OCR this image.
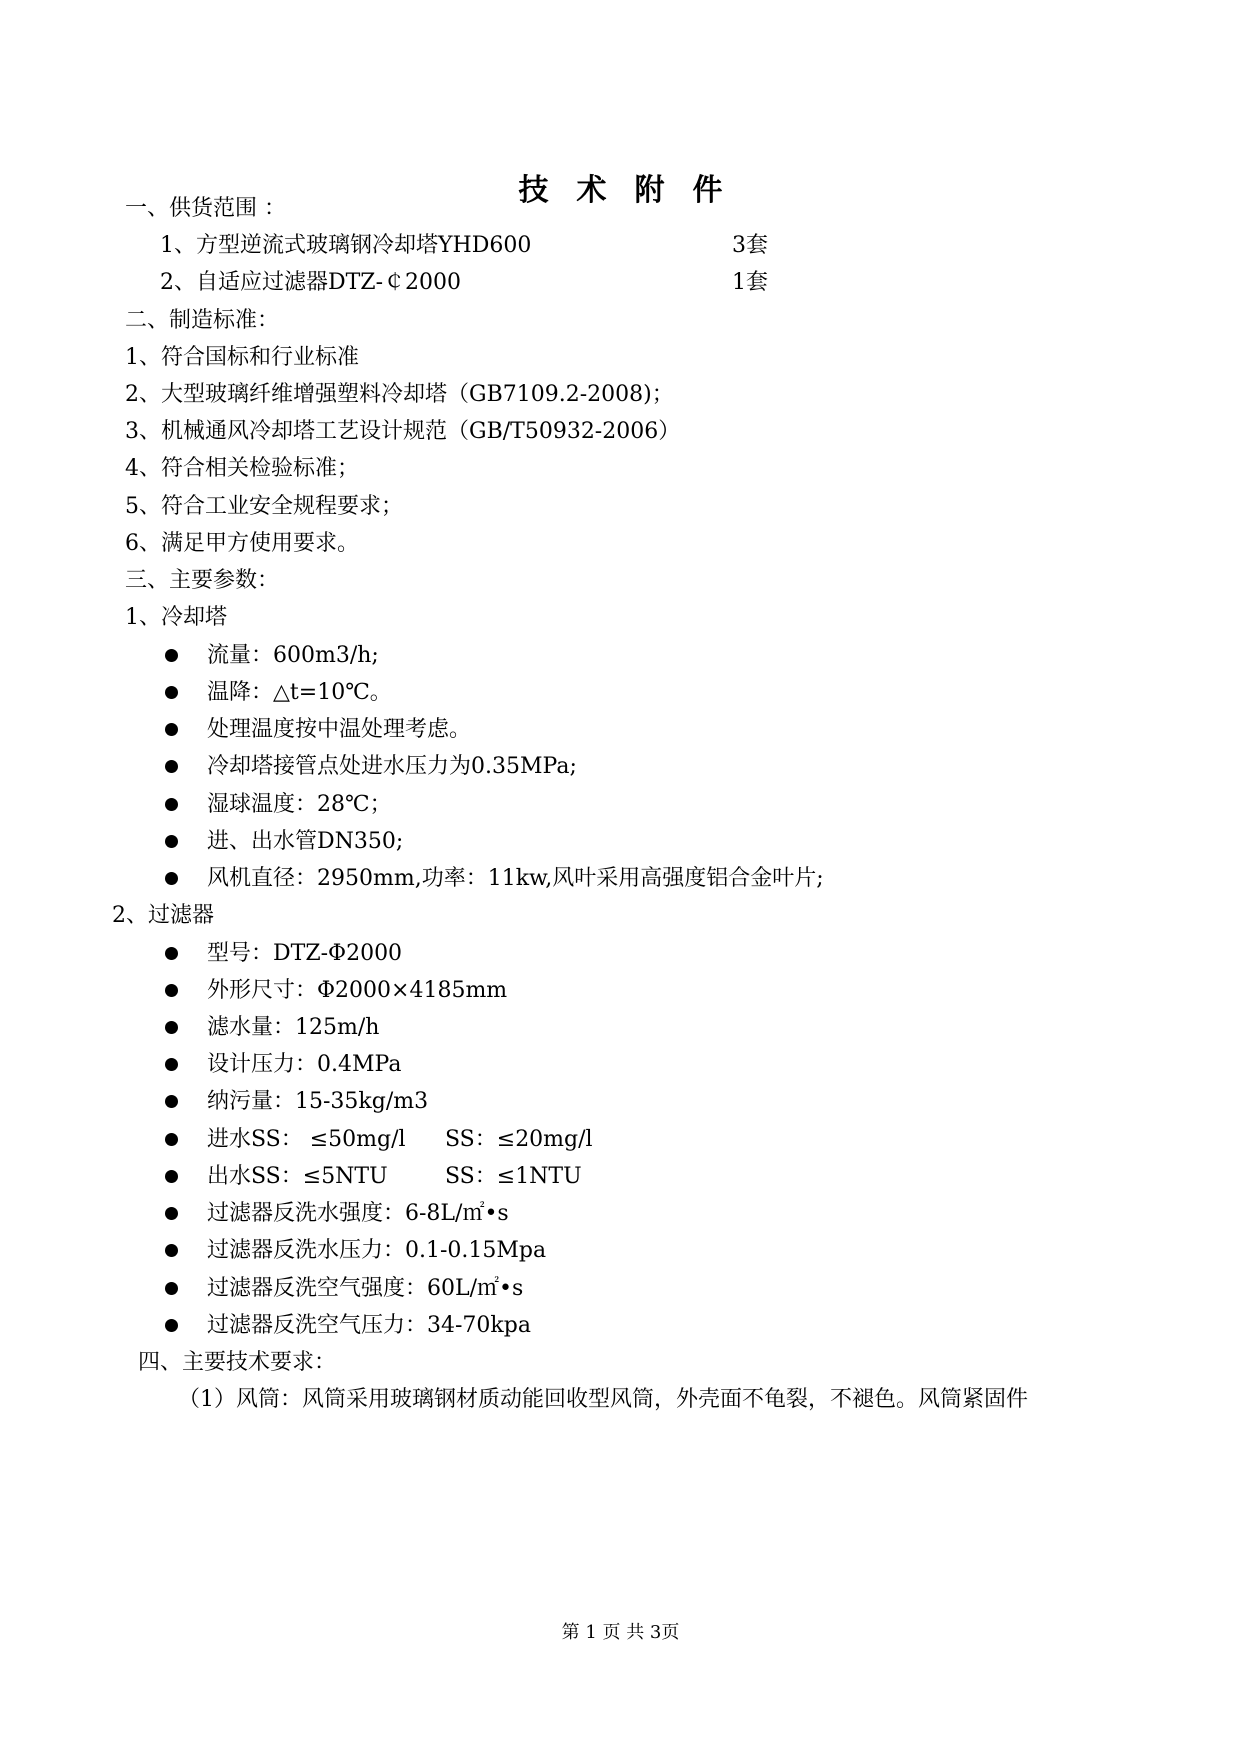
技 术 附 件
一、供货范围 ：
1、方型逆流式玻璃钢冷却塔YHD600	3套
2、自适应过滤器DTZ-￠2000	1套
二、制造标准：
1、符合国标和行业标准
2、大型玻璃纤维增强塑料冷却塔（GB7109.2-2008)；
3、机械通风冷却塔工艺设计规范（GB/T50932-2006）
4、符合相关检验标准；
5、符合工业安全规程要求；
6、满足甲方使用要求。
三、主要参数：
1、冷却塔
流量：600m3/h;
温降：△t=10℃。
处理温度按中温处理考虑。
冷却塔接管点处进水压力为0.35MPa;
湿球温度：28℃；
进、出水管DN350;
风机直径：2950mm,功率：11kw,风叶采用高强度铝合金叶片;
2、过滤器
型号：DTZ-Φ2000
外形尺寸：Φ2000×4185mm
滤水量：125m/h
设计压力：0.4MPa
纳污量：15-35kg/m3
进水SS： ≤50mg/l SS：≤20mg/l
出水SS：≤5NTU	SS：≤1NTU
过滤器反洗水强度：6-8L/㎡•s
过滤器反洗水压力：0.1-0.15Mpa
过滤器反洗空气强度：60L/㎡•s
过滤器反洗空气压力：34-70kpa
四、主要技术要求：
（1）风筒：风筒采用玻璃钢材质动能回收型风筒，外壳面不龟裂，不褪色。风筒紧固件
第 1 页 共 3页
